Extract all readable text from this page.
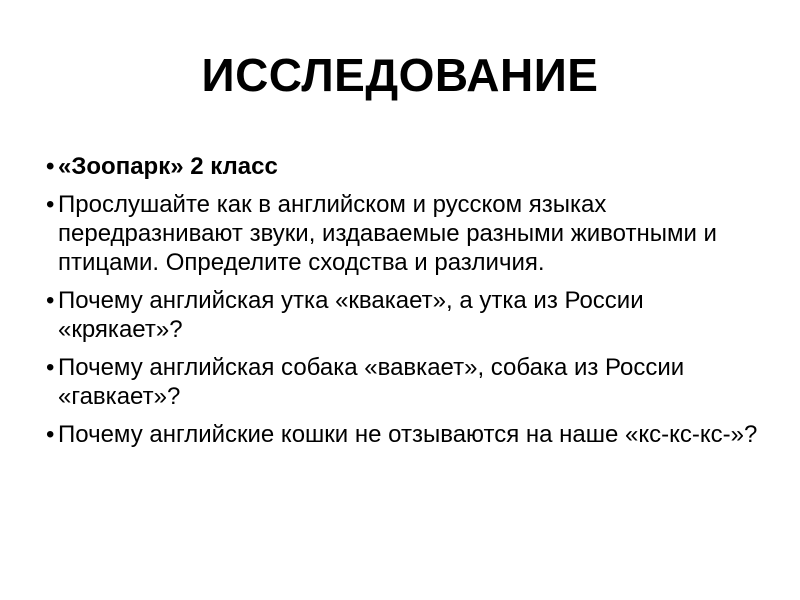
ИССЛЕДОВАНИЕ
• «Зоопарк» 2 класс
• Прослушайте как в английском и русском языках передразнивают звуки, издаваемые разными животными и птицами. Определите сходства и различия.
• Почему английская утка «квакает», а утка из России «крякает»?
• Почему английская собака «вавкает», собака из России «гавкает»?
• Почему английские кошки не отзываются на наше «кс-кс-кс-»?
